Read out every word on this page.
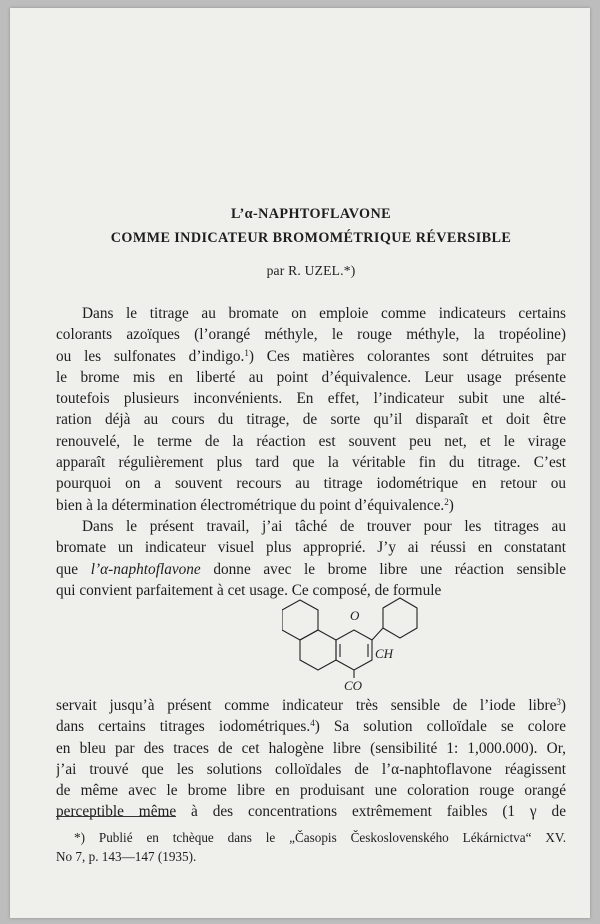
L’α-NAPHTOFLAVONE
COMME INDICATEUR BROMOMÉTRIQUE RÉVERSIBLE
par R. UZEL.*)
Dans le titrage au bromate on emploie comme indicateurs certains
colorants azoïques (l’orangé méthyle, le rouge méthyle, la tropéoline)
ou les sulfonates d’indigo.$^1$) Ces matières colorantes sont détruites par
le brome mis en liberté au point d’équivalence. Leur usage présente
toutefois plusieurs inconvénients. En effet, l’indicateur subit une alté-
ration déjà au cours du titrage, de sorte qu’il disparaît et doit être
renouvelé, le terme de la réaction est souvent peu net, et le virage
apparaît régulièrement plus tard que la véritable fin du titrage. C’est
pourquoi on a souvent recours au titrage iodométrique en retour ou
bien à la détermination électrométrique du point d’équivalence.$^2$)
Dans le présent travail, j’ai tâché de trouver pour les titrages au
bromate un indicateur visuel plus approprié. J’y ai réussi en constatant
que l’α-naphtoflavone donne avec le brome libre une réaction sensible
qui convient parfaitement à cet usage. Ce composé, de formule
O
CH
CO
servait jusqu’à présent comme indicateur très sensible de l’iode libre$^3$)
dans certains titrages iodométriques.$^4$) Sa solution colloïdale se colore
en bleu par des traces de cet halogène libre (sensibilité 1: 1,000.000). Or,
j’ai trouvé que les solutions colloïdales de l’α-naphtoflavone réagissent
de même avec le brome libre en produisant une coloration rouge orangé
perceptible même à des concentrations extrêmement faibles (1 γ de
*) Publié en tchèque dans le „Časopis Československého Lékárnictva“ XV.
No 7, p. 143—147 (1935).
